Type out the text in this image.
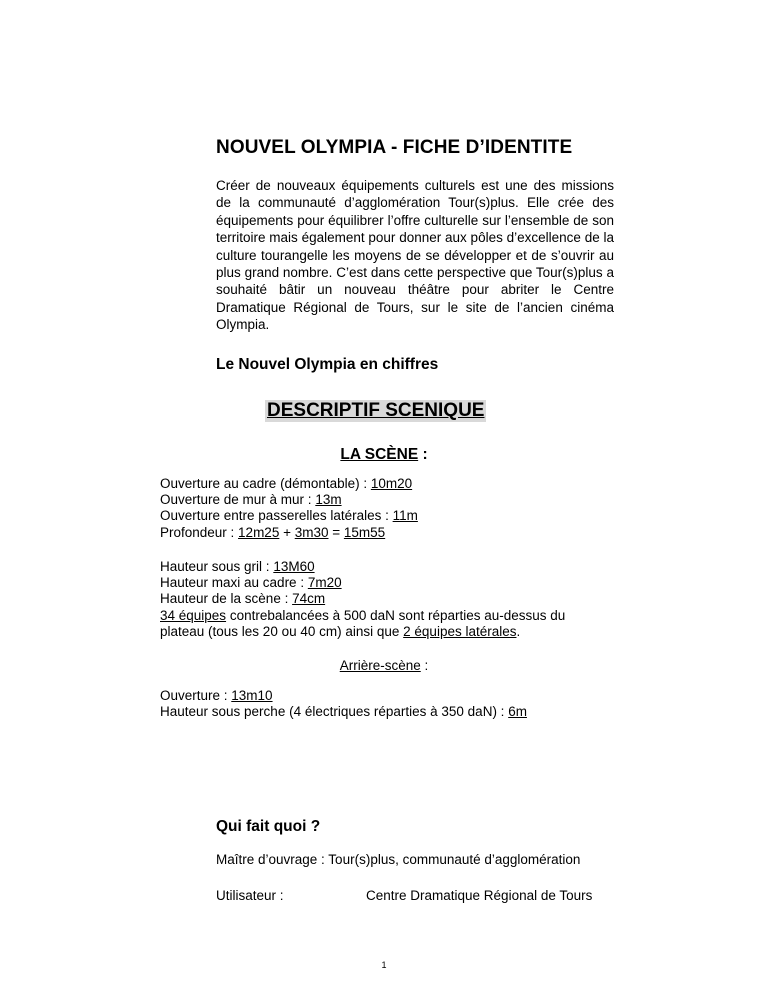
NOUVEL OLYMPIA - FICHE D’IDENTITE
Créer de nouveaux équipements culturels est une des missions de la communauté d’agglomération Tour(s)plus. Elle crée des équipements pour équilibrer l’offre culturelle sur l’ensemble de son territoire mais également pour donner aux pôles d’excellence de la culture tourangelle les moyens de se développer et de s’ouvrir au plus grand nombre. C’est dans cette perspective que Tour(s)plus a souhaité bâtir un nouveau théâtre pour abriter le Centre Dramatique Régional de Tours, sur le site de l’ancien cinéma Olympia.
Le Nouvel Olympia en chiffres
DESCRIPTIF SCENIQUE
LA SCÈNE :
Ouverture au cadre (démontable) : 10m20
Ouverture de mur à mur : 13m
Ouverture entre passerelles latérales : 11m
Profondeur : 12m25 + 3m30 = 15m55
Hauteur sous gril : 13M60
Hauteur maxi au cadre : 7m20
Hauteur de la scène : 74cm
34 équipes contrebalancées à 500 daN sont réparties au-dessus du
plateau (tous les 20 ou 40 cm) ainsi que 2 équipes latérales.
Arrière-scène :
Ouverture : 13m10
Hauteur sous perche (4 électriques réparties à 350 daN) : 6m
Qui fait quoi ?
Maître d’ouvrage : Tour(s)plus, communauté d’agglomération
Utilisateur :	Centre Dramatique Régional de Tours
1
